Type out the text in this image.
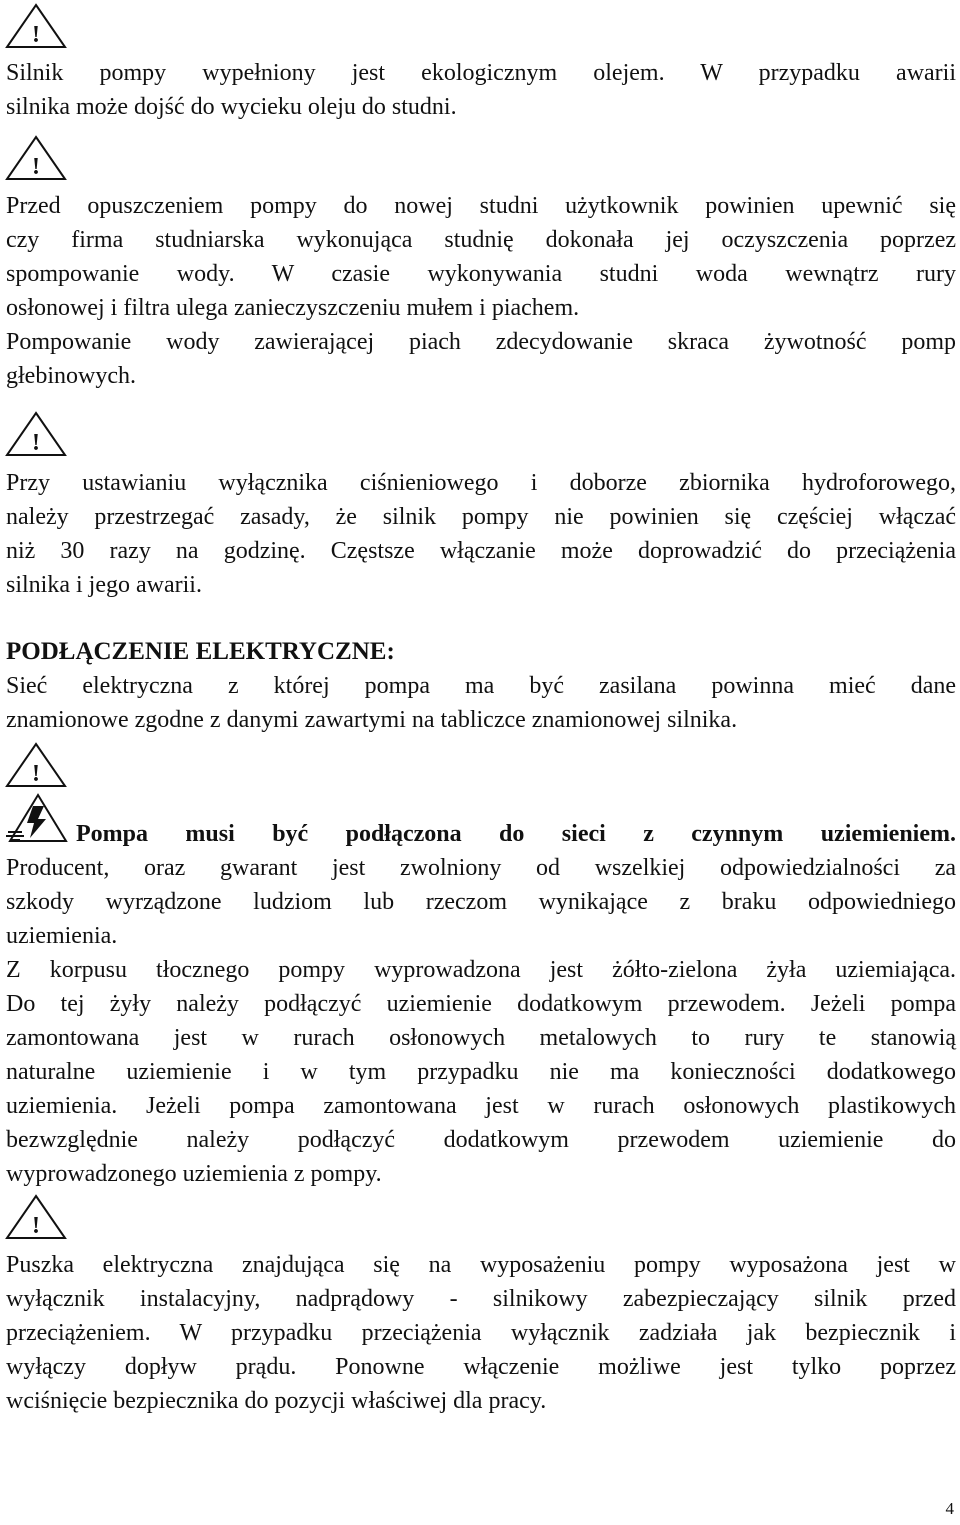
!
Silnik pompy wypełniony jest ekologicznym olejem. W przypadku awarii
silnika może dojść do wycieku oleju do studni.
!
Przed opuszczeniem pompy do nowej studni użytkownik powinien upewnić się
czy firma studniarska wykonująca studnię dokonała jej oczyszczenia poprzez
spompowanie wody. W czasie wykonywania studni woda wewnątrz rury
osłonowej i filtra ulega zanieczyszczeniu mułem i piachem.
Pompowanie wody zawierającej piach zdecydowanie skraca żywotność pomp
głebinowych.
!
Przy ustawianiu wyłącznika ciśnieniowego i doborze zbiornika hydroforowego,
należy przestrzegać zasady, że silnik pompy nie powinien się częściej włączać
niż 30 razy na godzinę. Częstsze włączanie może doprowadzić do przeciążenia
silnika i jego awarii.

PODŁĄCZENIE ELEKTRYCZNE:

Sieć elektryczna z której pompa ma być zasilana powinna mieć dane
znamionowe zgodne z danymi zawartymi na tabliczce znamionowej silnika.
!

Pompa musi być podłączona do sieci z czynnym uziemieniem.

Producent, oraz gwarant jest zwolniony od wszelkiej odpowiedzialności za
szkody wyrządzone ludziom lub rzeczom wynikające z braku odpowiedniego
uziemienia.
Z korpusu tłocznego pompy wyprowadzona jest żółto-zielona żyła uziemiająca.
Do tej żyły należy podłączyć uziemienie dodatkowym przewodem. Jeżeli pompa
zamontowana jest w rurach osłonowych metalowych to rury te stanowią
naturalne uziemienie i w tym przypadku nie ma konieczności dodatkowego
uziemienia. Jeżeli pompa zamontowana jest w rurach osłonowych plastikowych
bezwzględnie należy podłączyć dodatkowym przewodem uziemienie do
wyprowadzonego uziemienia z pompy.
!
Puszka elektryczna znajdująca się na wyposażeniu pompy wyposażona jest w
wyłącznik instalacyjny, nadprądowy - silnikowy zabezpieczający silnik przed
przeciążeniem. W przypadku przeciążenia wyłącznik zadziała jak bezpiecznik i
wyłączy dopływ prądu. Ponowne włączenie możliwe jest tylko poprzez
wciśnięcie bezpiecznika do pozycji właściwej dla pracy.
4
